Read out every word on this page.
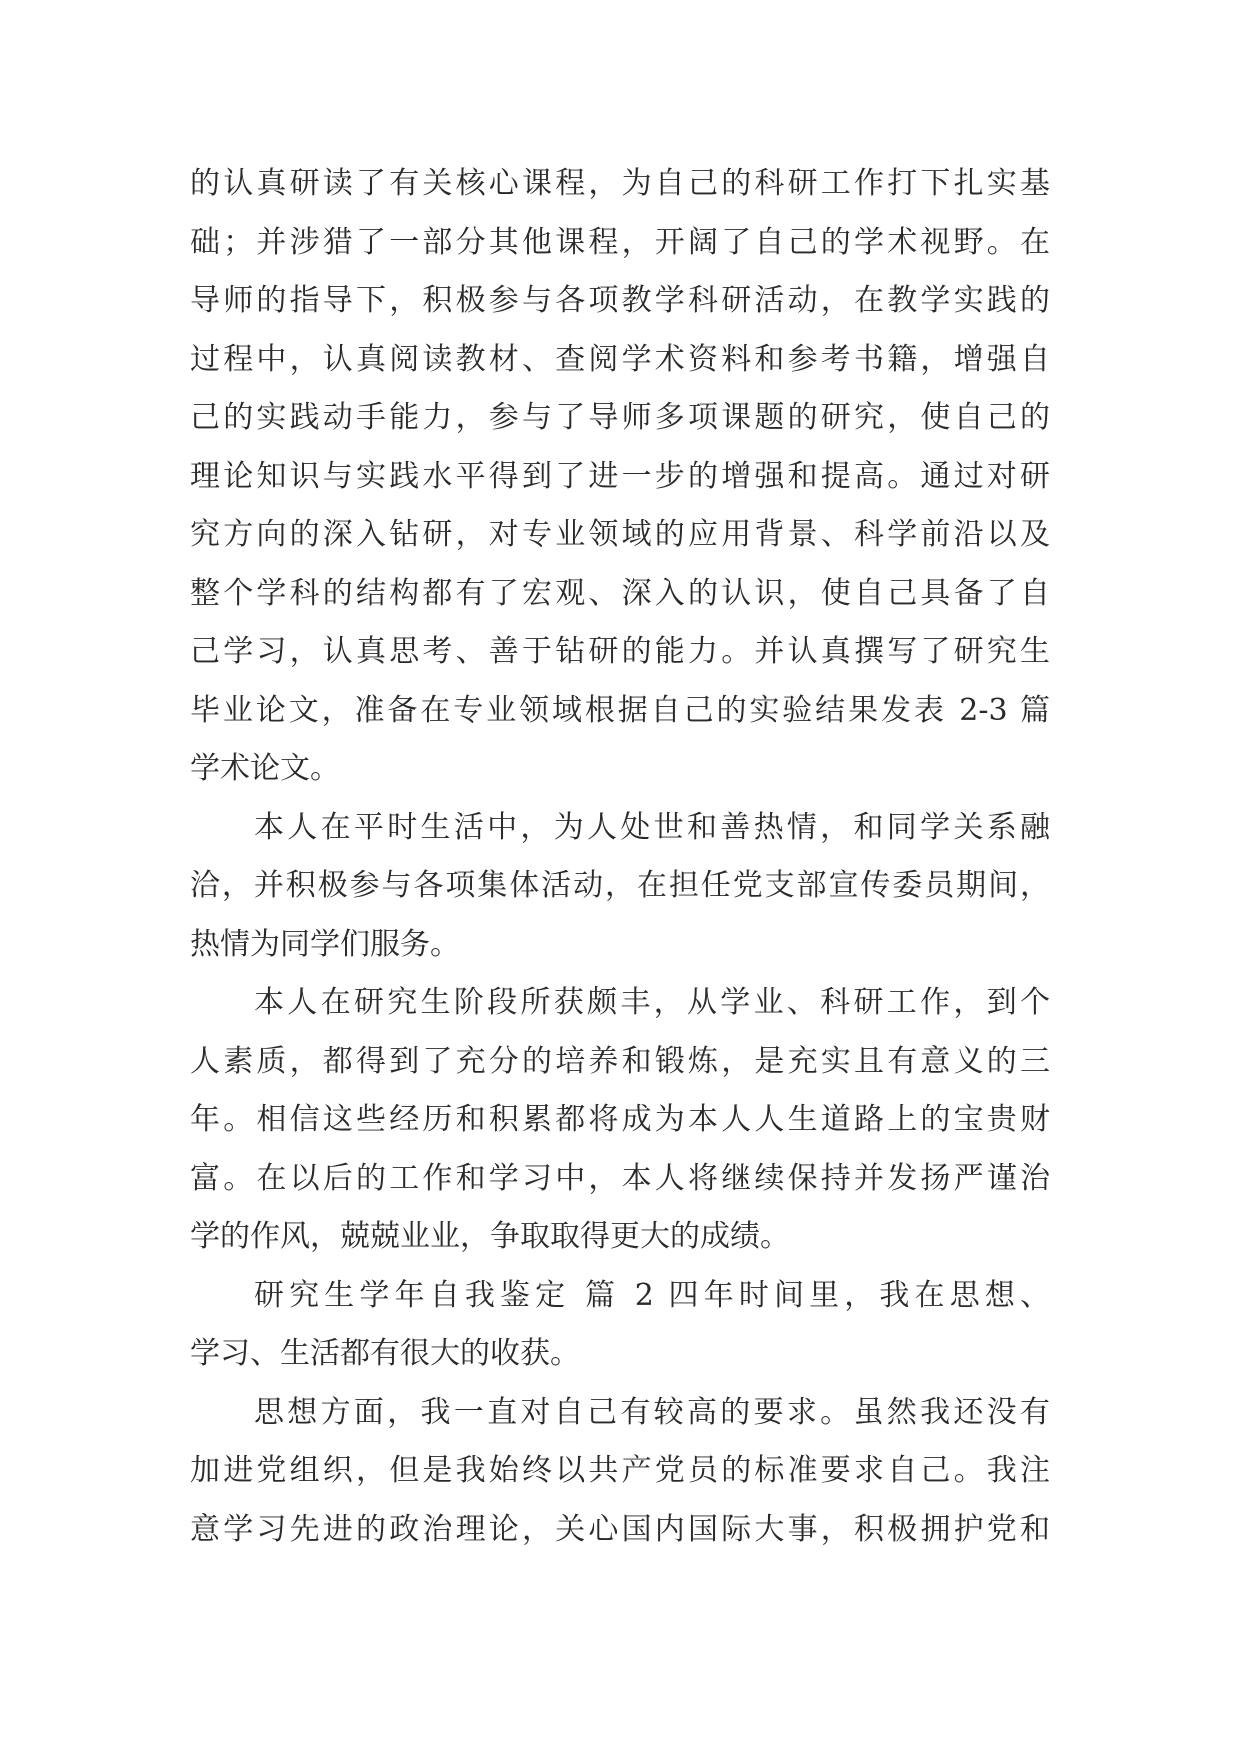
的认真研读了有关核心课程，为自己的科研工作打下扎实基
础；并涉猎了一部分其他课程，开阔了自己的学术视野。在
导师的指导下，积极参与各项教学科研活动，在教学实践的
过程中，认真阅读教材、查阅学术资料和参考书籍，增强自
己的实践动手能力，参与了导师多项课题的研究，使自己的
理论知识与实践水平得到了进一步的增强和提高。通过对研
究方向的深入钻研，对专业领域的应用背景、科学前沿以及
整个学科的结构都有了宏观、深入的认识，使自己具备了自
己学习，认真思考、善于钻研的能力。并认真撰写了研究生
毕业论文，准备在专业领域根据自己的实验结果发表 2-3 篇
学术论文。
本人在平时生活中，为人处世和善热情，和同学关系融
洽，并积极参与各项集体活动，在担任党支部宣传委员期间，
热情为同学们服务。
本人在研究生阶段所获颇丰，从学业、科研工作，到个
人素质，都得到了充分的培养和锻炼，是充实且有意义的三
年。相信这些经历和积累都将成为本人人生道路上的宝贵财
富。在以后的工作和学习中，本人将继续保持并发扬严谨治
学的作风，兢兢业业，争取取得更大的成绩。
研究生学年自我鉴定 篇 2 四年时间里，我在思想、
学习、生活都有很大的收获。
思想方面，我一直对自己有较高的要求。虽然我还没有
加进党组织，但是我始终以共产党员的标准要求自己。我注
意学习先进的政治理论，关心国内国际大事，积极拥护党和
